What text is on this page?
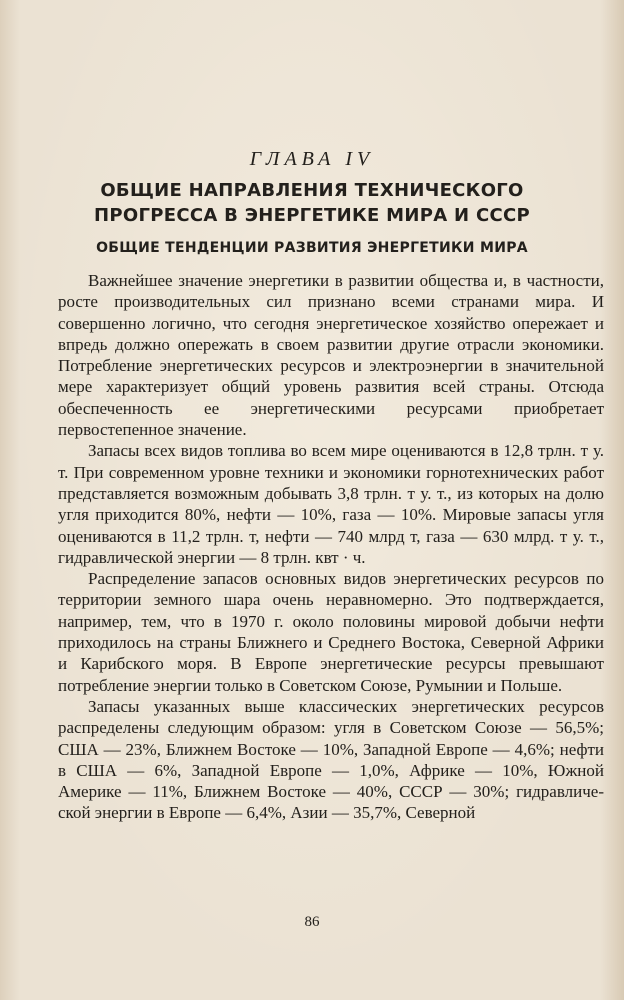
ГЛАВА IV
ОБЩИЕ НАПРАВЛЕНИЯ ТЕХНИЧЕСКОГО
ПРОГРЕССА В ЭНЕРГЕТИКЕ МИРА И СССР
ОБЩИЕ ТЕНДЕНЦИИ РАЗВИТИЯ ЭНЕРГЕТИКИ МИРА

Важнейшее значение энергетики в развитии общества и, в частности, росте производительных сил признано всеми странами мира. И совершенно логично, что сегодня энергетическое хозяйство опережает и впредь должно опережать в своем развитии другие отрасли экономики. Потребление энергетических ресурсов и электроэнергии в значительной мере характеризует общий уровень развития всей страны. Отсюда обеспеченность ее энергетическими ресурсами приобретает первостепенное значение.

Запасы всех видов топлива во всем мире оцениваются в 12,8 трлн. т у. т. При современном уровне техники и экономики горнотехнических работ представляется возможным добывать 3,8 трлн. т у. т., из которых на долю угля приходится 80%, нефти — 10%, газа — 10%. Мировые запасы угля оцениваются в 11,2 трлн. т, нефти — 740 млрд т, газа — 630 млрд. т у. т., гидравлической энергии — 8 трлн. квт · ч.

Распределение запасов основных видов энергетических ресурсов по территории земного шара очень неравномерно. Это подтверждается, например, тем, что в 1970 г. около половины мировой добычи нефти приходилось на страны Ближнего и Среднего Востока, Северной Африки и Карибского моря. В Европе энергетические ресурсы превышают потребление энергии только в Советском Союзе, Румынии и Польше.

Запасы указанных выше классических энергетических ресурсов распределены следующим образом: угля в Советском Союзе — 56,5%; США — 23%, Ближнем Востоке — 10%, Западной Европе — 4,6%; нефти в США — 6%, Западной Европе — 1,0%, Африке — 10%, Южной Америке — 11%, Ближнем Востоке — 40%, СССР — 30%; гидравлической энергии в Европе — 6,4%, Азии — 35,7%, Северной

86
